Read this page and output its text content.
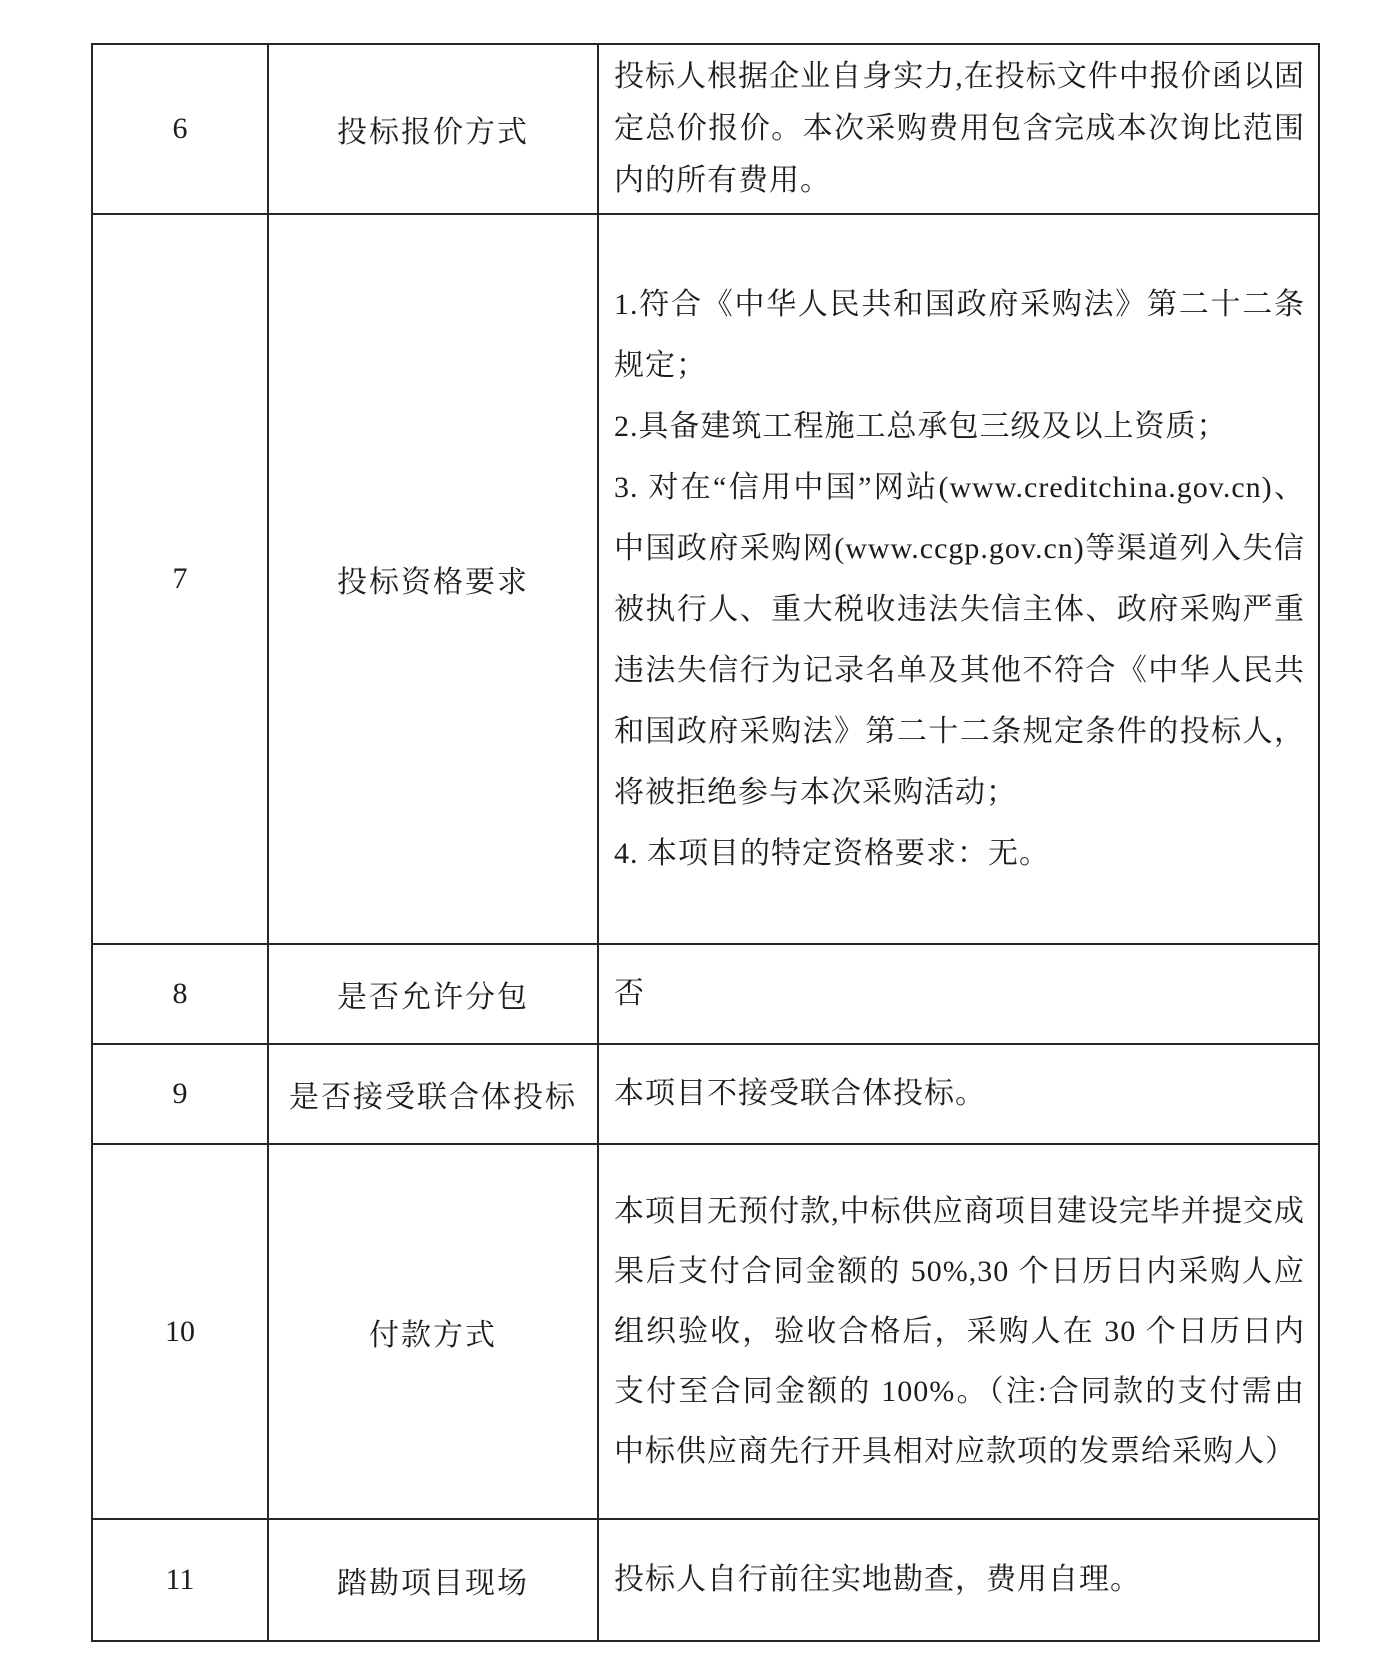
6	投标报价方式	投标人根据企业自身实力,在投标文件中报价函以固定总价报价。本次采购费用包含完成本次询比范围内的所有费用。

7	投标资格要求	1.符合《中华人民共和国政府采购法》第二十二条规定；

2.具备建筑工程施工总承包三级及以上资质；

3. 对在“信用中国”网站(www.creditchina.gov.cn)、中国政府采购网(www.ccgp.gov.cn)等渠道列入失信被执行人、重大税收违法失信主体、政府采购严重违法失信行为记录名单及其他不符合《中华人民共和国政府采购法》第二十二条规定条件的投标人，将被拒绝参与本次采购活动；

4. 本项目的特定资格要求：无。

8	是否允许分包	否

9	是否接受联合体投标	本项目不接受联合体投标。

10	付款方式	本项目无预付款,中标供应商项目建设完毕并提交成果后支付合同金额的 50%,30 个日历日内采购人应组织验收，验收合格后，采购人在 30 个日历日内支付至合同金额的 100%。（注:合同款的支付需由中标供应商先行开具相对应款项的发票给采购人）

11	踏勘项目现场	投标人自行前往实地勘查，费用自理。
